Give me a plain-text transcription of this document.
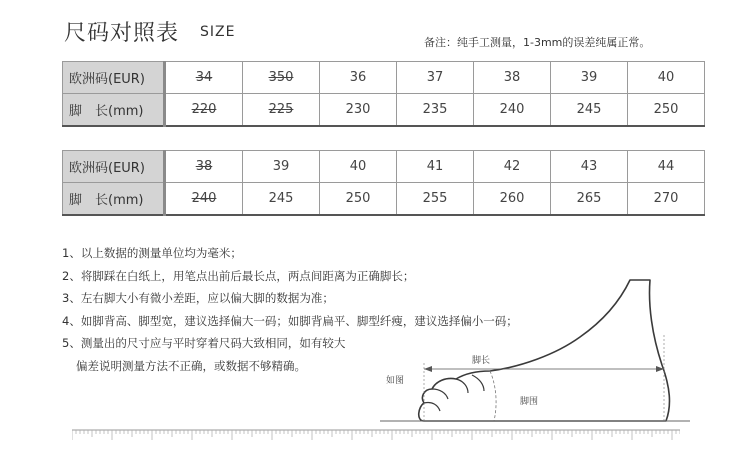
尺码对照表 SIZE
备注：纯手工测量，1-3mm的误差纯属正常。
欧洲码(EUR)	34	350	36	37	38	39	40
脚　长(mm)	220	225	230	235	240	245	250
欧洲码(EUR)	38	39	40	41	42	43	44
脚　长(mm)	240	245	250	255	260	265	270
1、以上数据的测量单位均为毫米；
2、将脚踩在白纸上，用笔点出前后最长点，两点间距离为正确脚长；
3、左右脚大小有微小差距，应以偏大脚的数据为准；
4、如脚背高、脚型宽，建议选择偏大一码；如脚背扁平、脚型纤瘦，建议选择偏小一码；
5、测量出的尺寸应与平时穿着尺码大致相同，如有较大
偏差说明测量方法不正确，或数据不够精确。	脚长
如图
脚围
